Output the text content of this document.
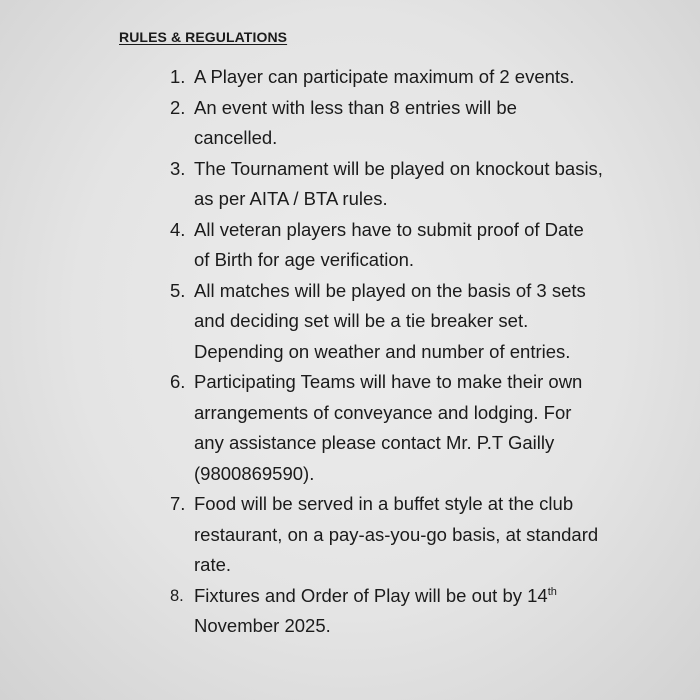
RULES & REGULATIONS
1. A Player can participate maximum of 2 events.
2. An event with less than 8 entries will be cancelled.
3. The Tournament will be played on knockout basis, as per AITA / BTA rules.
4. All veteran players have to submit proof of Date of Birth for age verification.
5. All matches will be played on the basis of 3 sets and deciding set will be a tie breaker set. Depending on weather and number of entries.
6. Participating Teams will have to make their own arrangements of conveyance and lodging. For any assistance please contact Mr. P.T Gailly (9800869590).
7. Food will be served in a buffet style at the club restaurant, on a pay-as-you-go basis, at standard rate.
8. Fixtures and Order of Play will be out by 14th November 2025.
